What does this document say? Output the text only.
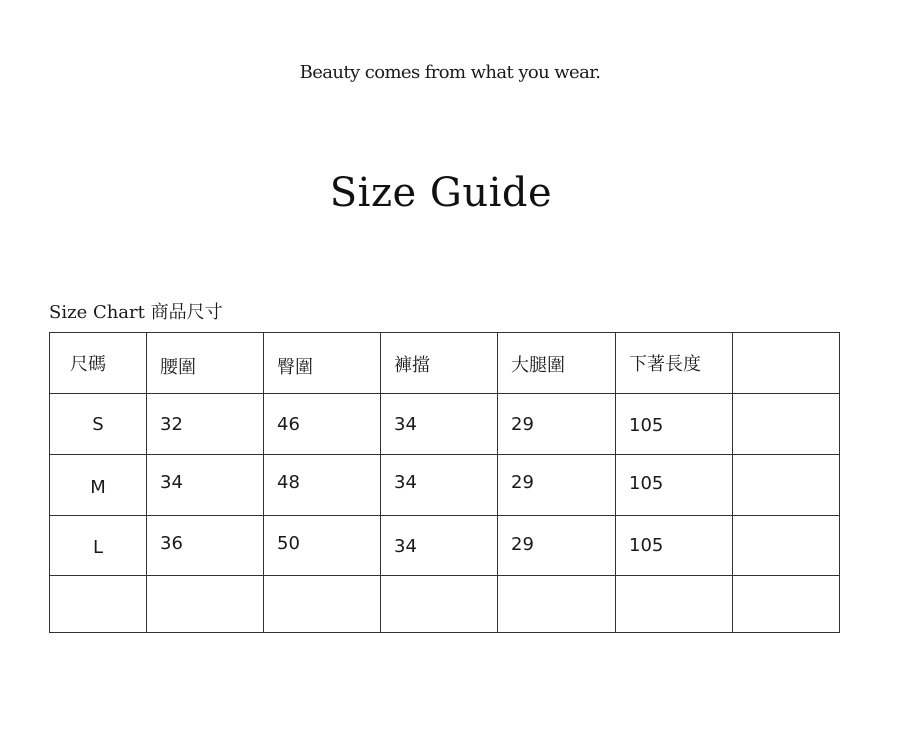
Beauty comes from what you wear.
Size Guide
Size Chart 商品尺寸
尺碼	腰圍	臀圍	褲擋	大腿圍	下著長度	
S	32	46	34	29	105	
M	34	48	34	29	105	
L	36	50	34	29	105	
